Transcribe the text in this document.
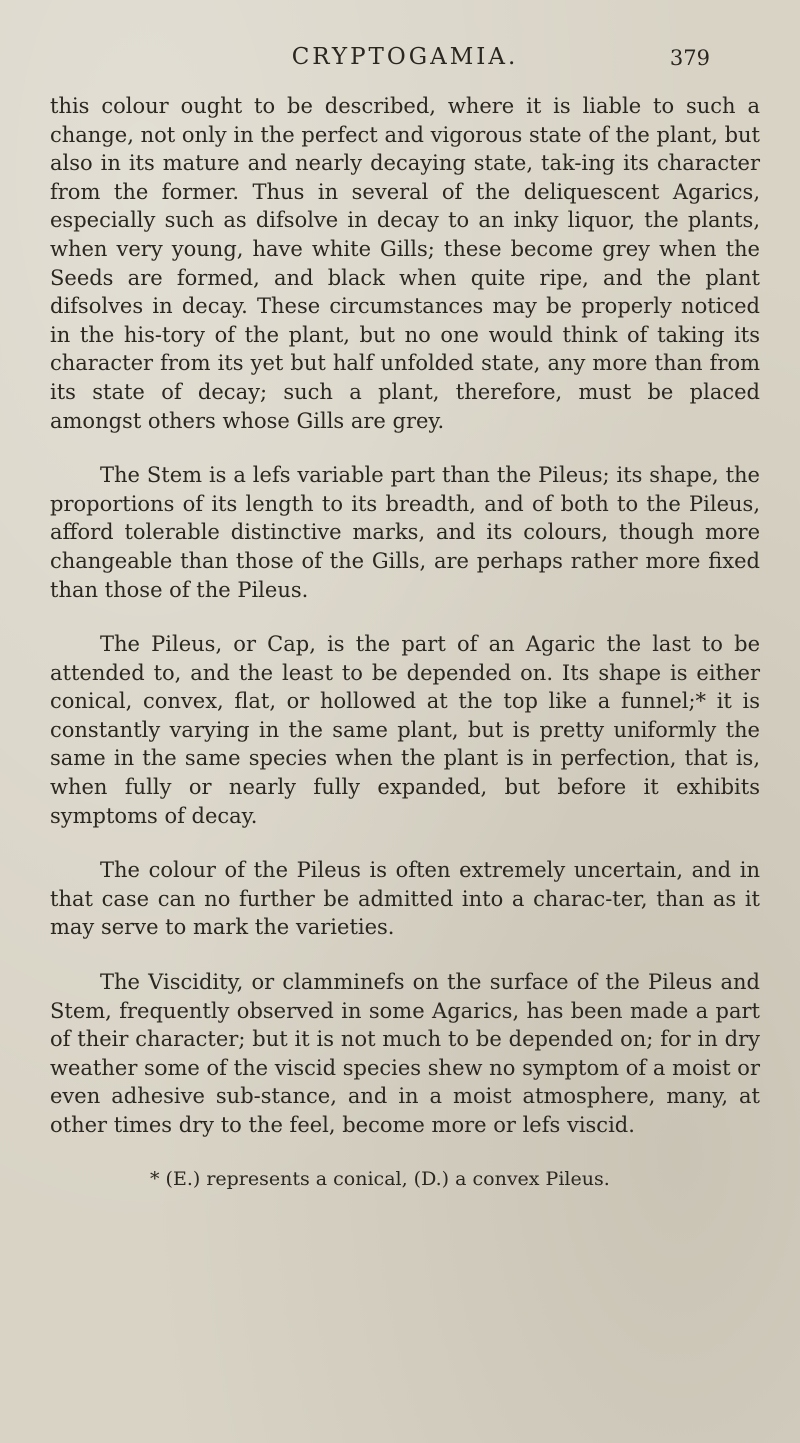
CRYPTOGAMIA.	379

this colour ought to be described, where it is liable to such a change, not only in the perfect and vigorous state of the plant, but also in its mature and nearly decaying state, tak-ing its character from the former. Thus in several of the deliquescent Agarics, especially such as difsolve in decay to an inky liquor, the plants, when very young, have white Gills; these become grey when the Seeds are formed, and black when quite ripe, and the plant difsolves in decay. These circumstances may be properly noticed in the his-tory of the plant, but no one would think of taking its character from its yet but half unfolded state, any more than from its state of decay; such a plant, therefore, must be placed amongst others whose Gills are grey.

The Stem is a lefs variable part than the Pileus; its shape, the proportions of its length to its breadth, and of both to the Pileus, afford tolerable distinctive marks, and its colours, though more changeable than those of the Gills, are perhaps rather more fixed than those of the Pileus.

The Pileus, or Cap, is the part of an Agaric the last to be attended to, and the least to be depended on. Its shape is either conical, convex, flat, or hollowed at the top like a funnel;* it is constantly varying in the same plant, but is pretty uniformly the same in the same species when the plant is in perfection, that is, when fully or nearly fully expanded, but before it exhibits symptoms of decay.

The colour of the Pileus is often extremely uncertain, and in that case can no further be admitted into a charac-ter, than as it may serve to mark the varieties.

The Viscidity, or clamminefs on the surface of the Pileus and Stem, frequently observed in some Agarics, has been made a part of their character; but it is not much to be depended on; for in dry weather some of the viscid species shew no symptom of a moist or even adhesive sub-stance, and in a moist atmosphere, many, at other times dry to the feel, become more or lefs viscid.

* (E.) represents a conical, (D.) a convex Pileus.
